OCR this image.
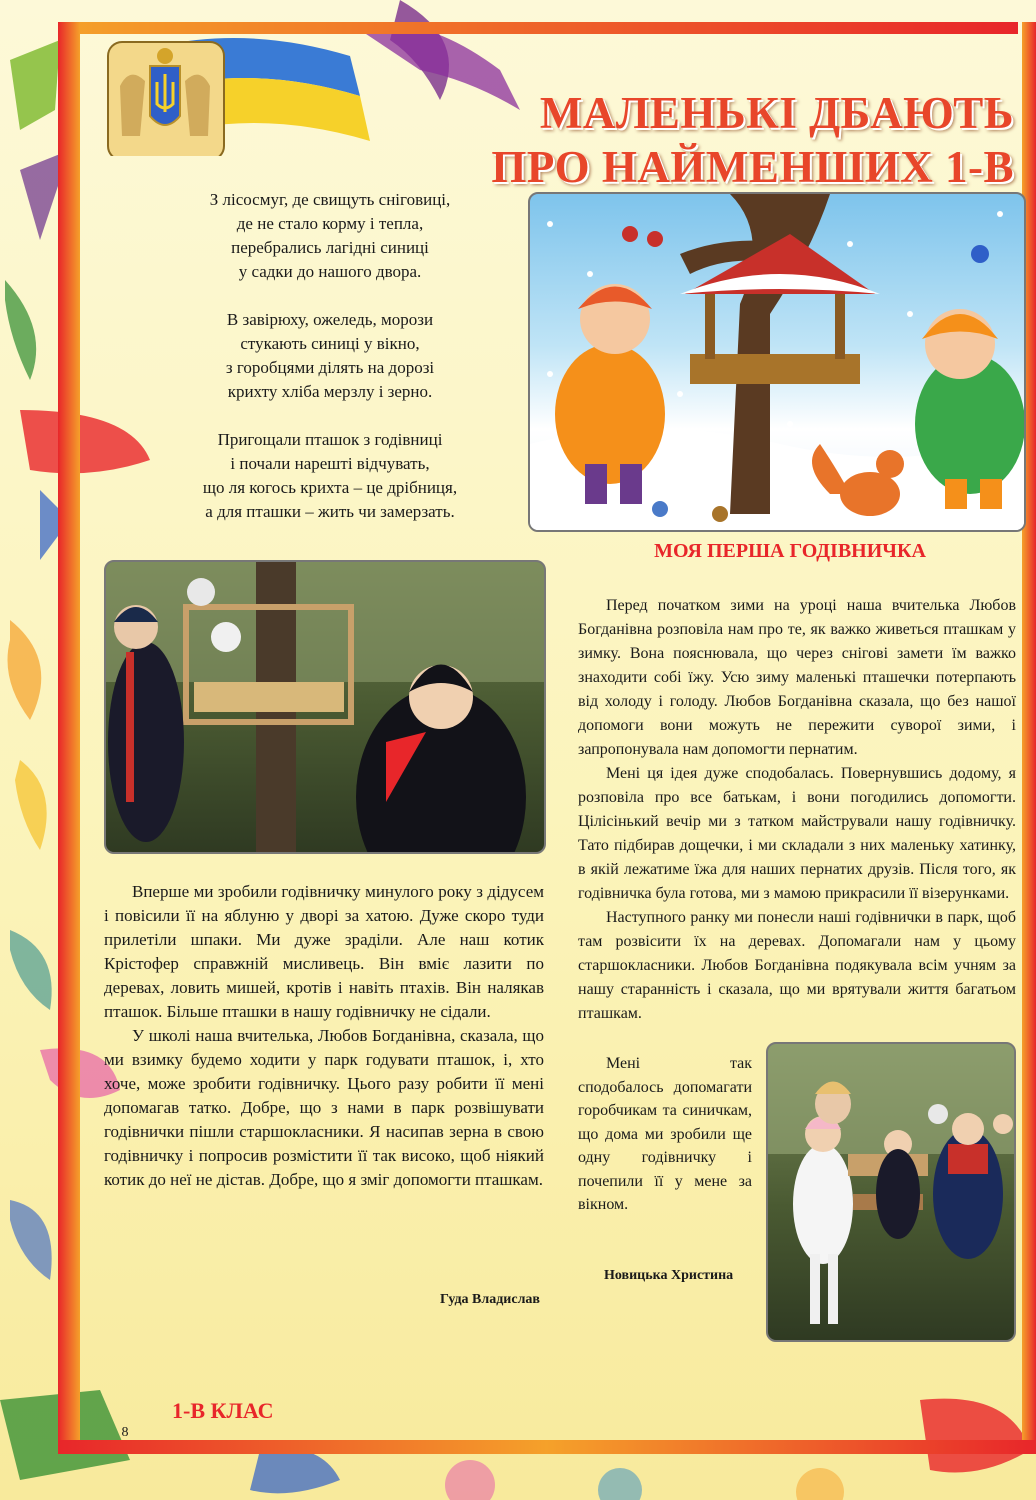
МАЛЕНЬКІ ДБАЮТЬ
ПРО НАЙМЕНШИХ 1-В
З лісосмуг, де свищуть сніговиці,
де не стало корму і тепла,
перебрались лагідні синиці
у садки до нашого двора.
В завірюху, ожеледь, морози
стукають синиці у вікно,
з горобцями ділять на дорозі
крихту хліба мерзлу і зерно.
Пригощали пташок з годівниці
і почали нарешті відчувать,
що ля когось крихта – це дрібниця,
а для пташки – жить чи замерзать.

Вперше ми зробили годівничку минулого року з дідусем і повісили її на яблуню у дворі за хатою. Дуже скоро туди прилетіли шпаки. Ми дуже зраділи. Але наш котик Крістофер справжній мисливець. Він вміє лазити по деревах, ловить мишей, кротів і навіть птахів. Він налякав пташок. Більше пташки в нашу годівничку не сідали.

У школі наша вчителька, Любов Богданівна, сказала, що ми взимку будемо ходити у парк годувати пташок, і, хто хоче, може зробити годівничку. Цього разу робити її мені допомагав татко. Добре, що з нами в парк розвішувати годівнички пішли старшокласники. Я насипав зерна в свою годівничку і попросив розмістити її так високо, щоб ніякий котик до неї не дістав. Добре, що я зміг допомогти пташкам.

Гуда Владислав
МОЯ ПЕРША ГОДІВНИЧКА

Перед початком зими на уроці наша вчителька Любов Богданівна розповіла нам про те, як важко живеться пташкам у зимку. Вона пояснювала, що через снігові замети їм важко знаходити собі їжу. Усю зиму маленькі пташечки потерпають від холоду і голоду. Любов Богданівна сказала, що без нашої допомоги вони можуть не пережити суворої зими, і запропонувала нам допомогти пернатим.

Мені ця ідея дуже сподобалась. Повернувшись додому, я розповіла про все батькам, і вони погодились допомогти. Цілісінький вечір ми з татком майстрували нашу годівничку. Тато підбирав дощечки, і ми складали з них маленьку хатинку, в якій лежатиме їжа для наших пернатих друзів. Після того, як годівничка була готова, ми з мамою прикрасили її візерунками.

Наступного ранку ми понесли наші годівнички в парк, щоб там розвісити їх на деревах. Допомагали нам у цьому старшокласники. Любов Богданівна подякувала всім учням за нашу старанність і сказала, що ми врятували життя багатьом пташкам.

Мені так сподобалось допомагати горобчикам та синичкам, що дома ми зробили ще одну годівничку і почепили її у мене за вікном.

Новицька Христина
8
1-В КЛАС
